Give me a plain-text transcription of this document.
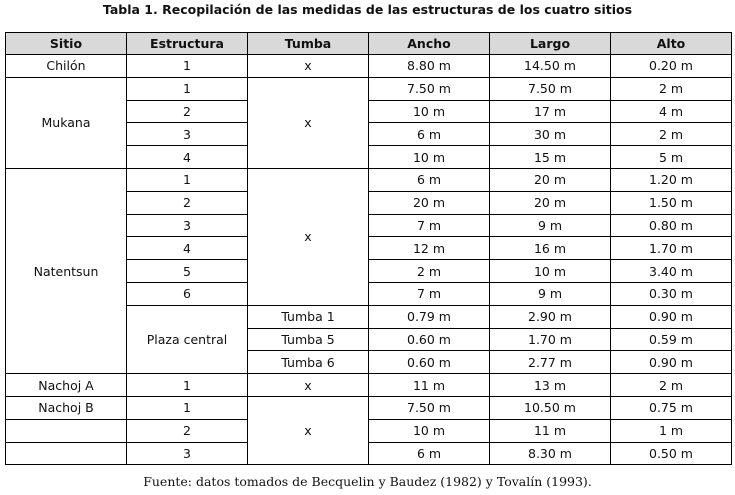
Tabla 1. Recopilación de las medidas de las estructuras de los cuatro sitios
Sitio	Estructura	Tumba	Ancho	Largo	Alto
Chilón	1	x	8.80 m	14.50 m	0.20 m
Mukana	1	x	7.50 m	7.50 m	2 m
	2		10 m	17 m	4 m
	3		6 m	30 m	2 m
	4		10 m	15 m	5 m
Natentsun	1	x	6 m	20 m	1.20 m
	2		20 m	20 m	1.50 m
	3		7 m	9 m	0.80 m
	4		12 m	16 m	1.70 m
	5		2 m	10 m	3.40 m
	6		7 m	9 m	0.30 m
	Plaza central	Tumba 1	0.79 m	2.90 m	0.90 m
		Tumba 5	0.60 m	1.70 m	0.59 m
		Tumba 6	0.60 m	2.77 m	0.90 m
Nachoj A	1	x	11 m	13 m	2 m
Nachoj B	1	x	7.50 m	10.50 m	0.75 m
	2		10 m	11 m	1 m
	3		6 m	8.30 m	0.50 m
Fuente: datos tomados de Becquelin y Baudez (1982) y Tovalín (1993).
